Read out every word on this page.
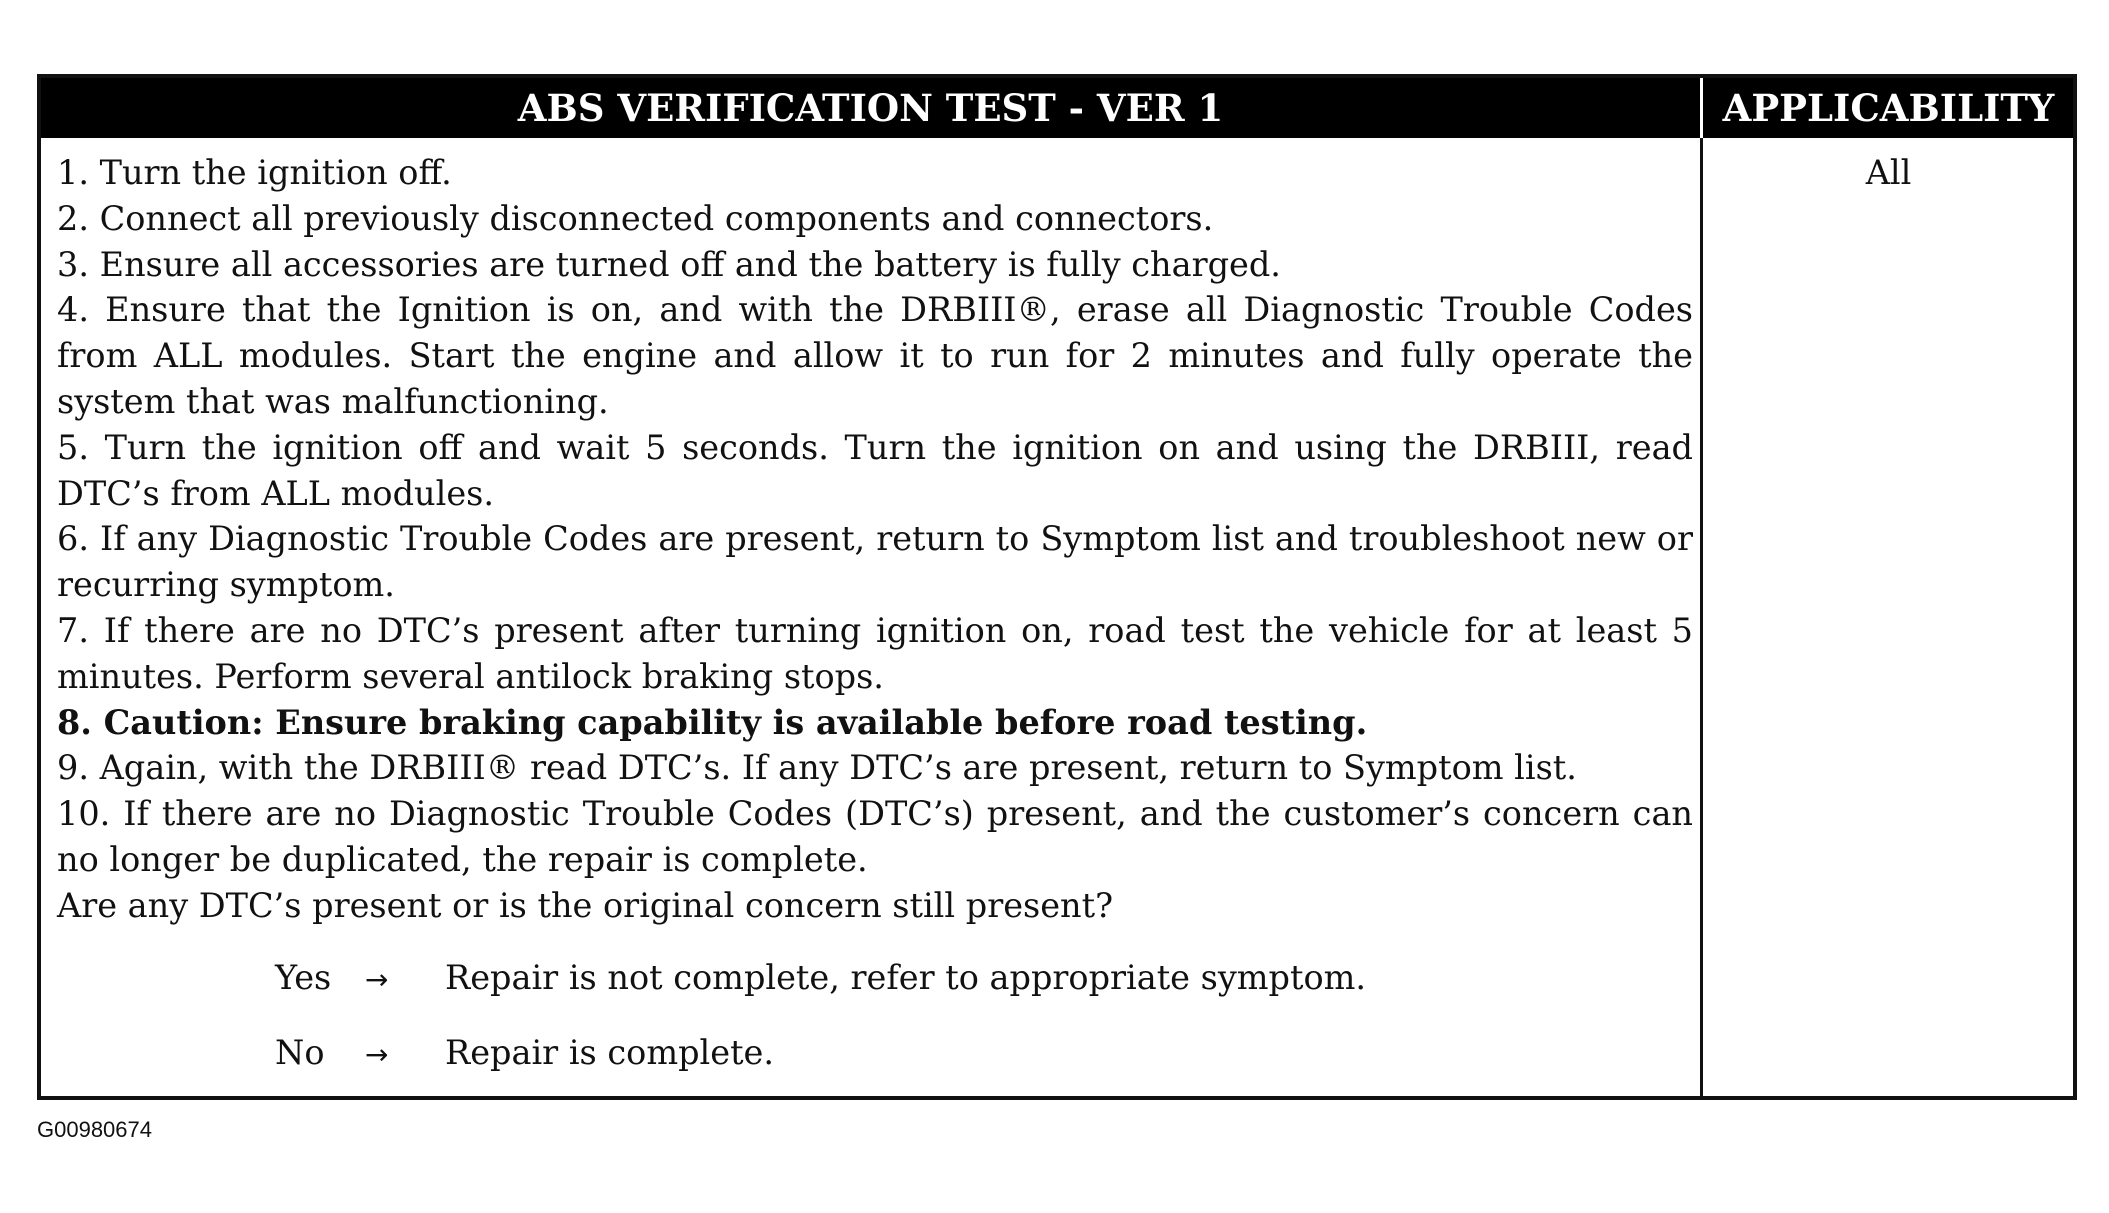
ABS VERIFICATION TEST - VER 1	APPLICABILITY

1. Turn the ignition off.

2. Connect all previously disconnected components and connectors.

3. Ensure all accessories are turned off and the battery is fully charged.

4. Ensure that the Ignition is on, and with the DRBIII®, erase all Diagnostic Trouble Codes from ALL modules. Start the engine and allow it to run for 2 minutes and fully operate the system that was malfunctioning.

5. Turn the ignition off and wait 5 seconds. Turn the ignition on and using the DRBIII, read DTC’s from ALL modules.

6. If any Diagnostic Trouble Codes are present, return to Symptom list and troubleshoot new or recurring symptom.

7. If there are no DTC’s present after turning ignition on, road test the vehicle for at least 5 minutes. Perform several antilock braking stops.

8. Caution: Ensure braking capability is available before road testing.

9. Again, with the DRBIII® read DTC’s. If any DTC’s are present, return to Symptom list.

10. If there are no Diagnostic Trouble Codes (DTC’s) present, and the customer’s concern can no longer be duplicated, the repair is complete.

Are any DTC’s present or is the original concern still present?

Yes	→	Repair is not complete, refer to appropriate symptom.
No	→	Repair is complete.
All
G00980674
